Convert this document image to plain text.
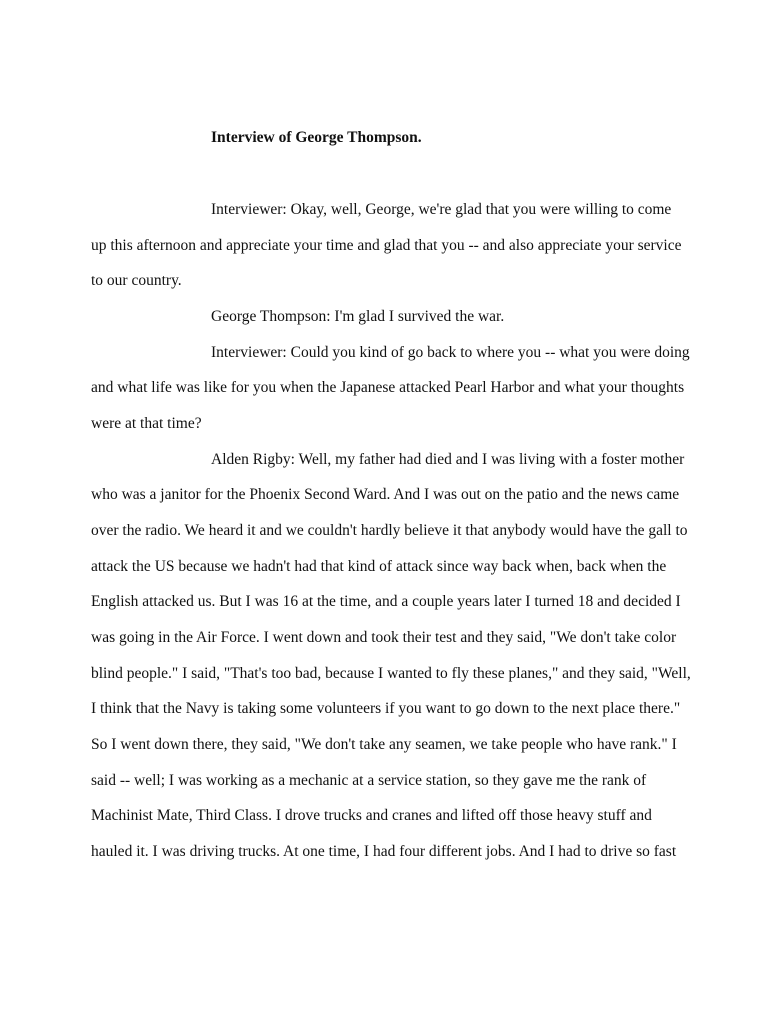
Interview of George Thompson.
Interviewer: Okay, well, George, we're glad that you were willing to come
up this afternoon and appreciate your time and glad that you -- and also appreciate your service
to our country.
George Thompson: I'm glad I survived the war.
Interviewer: Could you kind of go back to where you -- what you were doing
and what life was like for you when the Japanese attacked Pearl Harbor and what your thoughts
were at that time?
Alden Rigby: Well, my father had died and I was living with a foster mother
who was a janitor for the Phoenix Second Ward. And I was out on the patio and the news came
over the radio. We heard it and we couldn't hardly believe it that anybody would have the gall to
attack the US because we hadn't had that kind of attack since way back when, back when the
English attacked us. But I was 16 at the time, and a couple years later I turned 18 and decided I
was going in the Air Force. I went down and took their test and they said, "We don't take color
blind people." I said, "That's too bad, because I wanted to fly these planes," and they said, "Well,
I think that the Navy is taking some volunteers if you want to go down to the next place there."
So I went down there, they said, "We don't take any seamen, we take people who have rank." I
said -- well; I was working as a mechanic at a service station, so they gave me the rank of
Machinist Mate, Third Class. I drove trucks and cranes and lifted off those heavy stuff and
hauled it. I was driving trucks. At one time, I had four different jobs. And I had to drive so fast
